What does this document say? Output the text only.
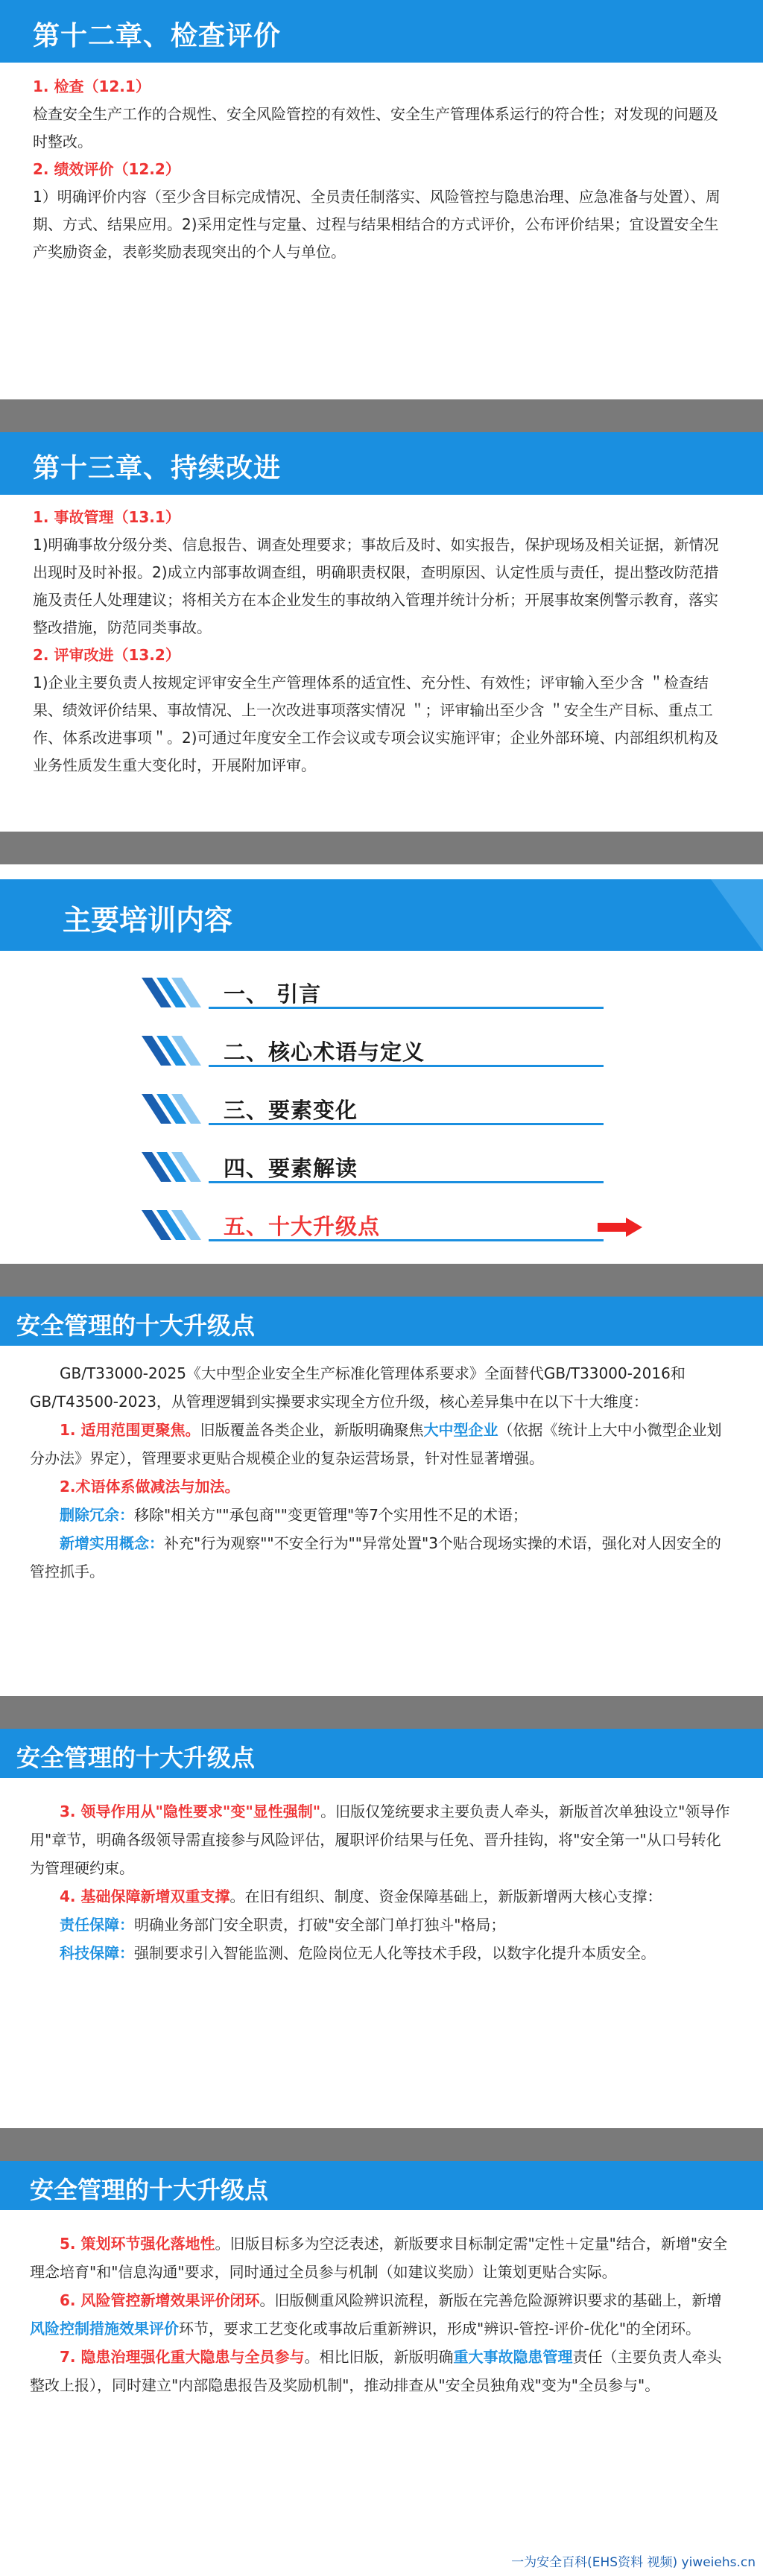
第十二章、检查评价

1. 检查（12.1）

检查安全生产工作的合规性、安全风险管控的有效性、安全生产管理体系运行的符合性；对发现的问题及时整改。

2. 绩效评价（12.2）

1）明确评价内容（至少含目标完成情况、全员责任制落实、风险管控与隐患治理、应急准备与处置）、周期、方式、结果应用。2)采用定性与定量、过程与结果相结合的方式评价，公布评价结果；宜设置安全生产奖励资金，表彰奖励表现突出的个人与单位。

第十三章、持续改进

1. 事故管理（13.1）

1)明确事故分级分类、信息报告、调查处理要求；事故后及时、如实报告，保护现场及相关证据，新情况出现时及时补报。2)成立内部事故调查组，明确职责权限，查明原因、认定性质与责任，提出整改防范措施及责任人处理建议；将相关方在本企业发生的事故纳入管理并统计分析；开展事故案例警示教育，落实整改措施，防范同类事故。

2. 评审改进（13.2）

1)企业主要负责人按规定评审安全生产管理体系的适宜性、充分性、有效性；评审输入至少含 ＂检查结果、绩效评价结果、事故情况、上一次改进事项落实情况 ＂；评审输出至少含 ＂安全生产目标、重点工作、体系改进事项＂。2)可通过年度安全工作会议或专项会议实施评审；企业外部环境、内部组织机构及业务性质发生重大变化时，开展附加评审。

主要培训内容
一、 引言
二、核心术语与定义
三、要素变化
四、要素解读
五、十大升级点
安全管理的十大升级点

GB/T33000-2025《大中型企业安全生产标准化管理体系要求》全面替代GB/T33000-2016和GB/T43500-2023，从管理逻辑到实操要求实现全方位升级，核心差异集中在以下十大维度：

1. 适用范围更聚焦。旧版覆盖各类企业，新版明确聚焦大中型企业（依据《统计上大中小微型企业划分办法》界定），管理要求更贴合规模企业的复杂运营场景，针对性显著增强。

2.术语体系做减法与加法。

删除冗余：移除"相关方""承包商""变更管理"等7个实用性不足的术语；

新增实用概念：补充"行为观察""不安全行为""异常处置"3个贴合现场实操的术语，强化对人因安全的管控抓手。

安全管理的十大升级点

3. 领导作用从"隐性要求"变"显性强制"。旧版仅笼统要求主要负责人牵头，新版首次单独设立"领导作用"章节，明确各级领导需直接参与风险评估，履职评价结果与任免、晋升挂钩，将"安全第一"从口号转化为管理硬约束。

4. 基础保障新增双重支撑。在旧有组织、制度、资金保障基础上，新版新增两大核心支撑：

责任保障：明确业务部门安全职责，打破"安全部门单打独斗"格局；

科技保障：强制要求引入智能监测、危险岗位无人化等技术手段，以数字化提升本质安全。

安全管理的十大升级点

5. 策划环节强化落地性。旧版目标多为空泛表述，新版要求目标制定需"定性＋定量"结合，新增"安全理念培育"和"信息沟通"要求，同时通过全员参与机制（如建议奖励）让策划更贴合实际。

6. 风险管控新增效果评价闭环。旧版侧重风险辨识流程，新版在完善危险源辨识要求的基础上，新增风险控制措施效果评价环节，要求工艺变化或事故后重新辨识，形成"辨识-管控-评价-优化"的全闭环。

7. 隐患治理强化重大隐患与全员参与。相比旧版，新版明确重大事故隐患管理责任（主要负责人牵头整改上报），同时建立"内部隐患报告及奖励机制"，推动排查从"安全员独角戏"变为"全员参与"。

一为安全百科(EHS资料 视频) yiweiehs.cn
